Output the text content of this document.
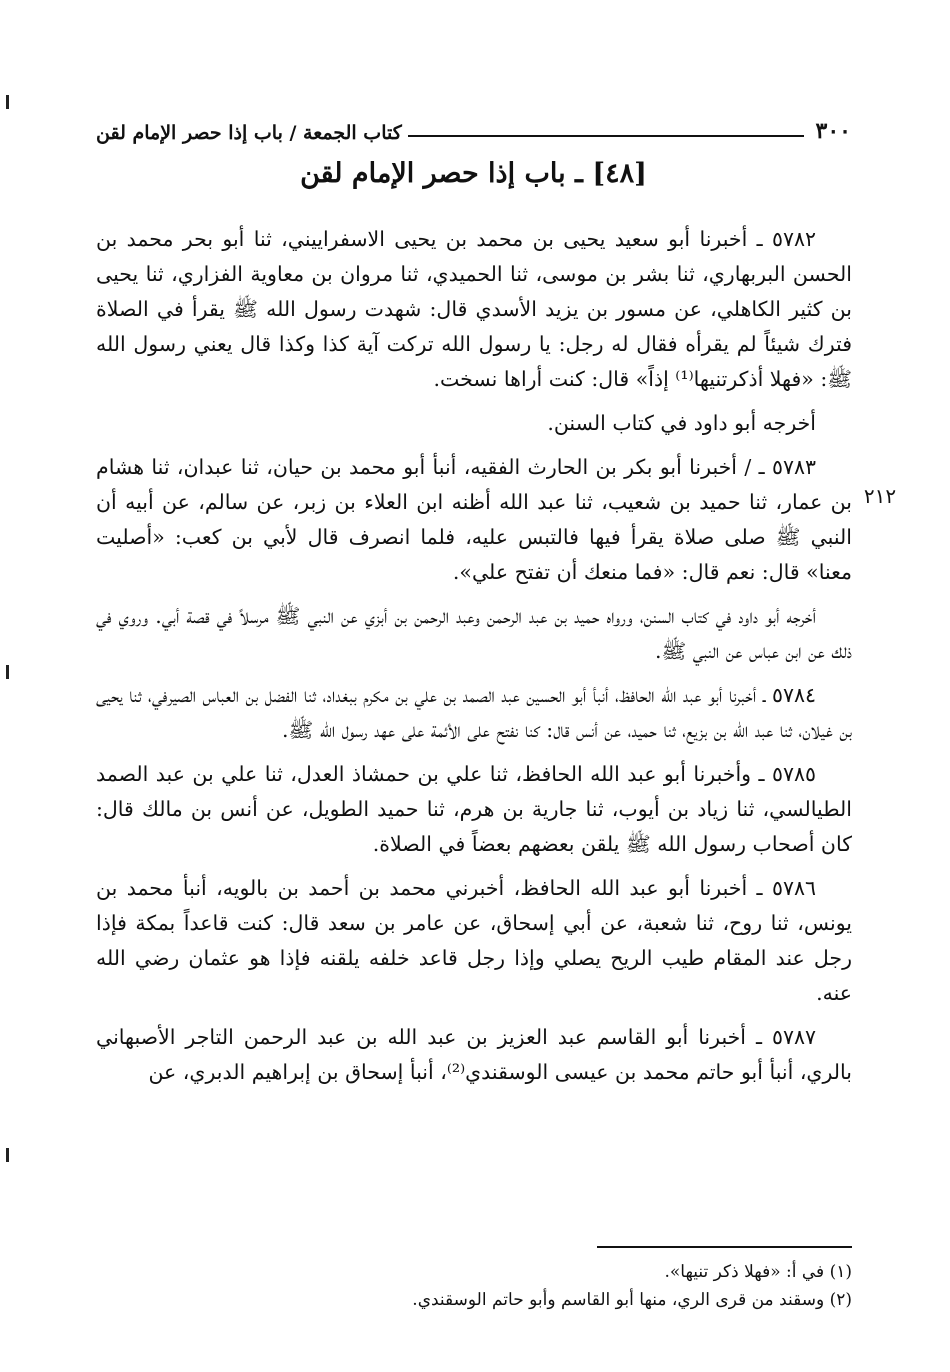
٣٠٠
كتاب الجمعة / باب إذا حصر الإمام لقن
[٤٨] ـ باب إذا حصر الإمام لقن
٢١٢

٥٧٨٢ ـ أخبرنا أبو سعيد يحيى بن محمد بن يحيى الاسفراييني، ثنا أبو بحر محمد بن الحسن البربهاري، ثنا بشر بن موسى، ثنا الحميدي، ثنا مروان بن معاوية الفزاري، ثنا يحيى بن كثير الكاهلي، عن مسور بن يزيد الأسدي قال: شهدت رسول الله ﷺ يقرأ في الصلاة فترك شيئاً لم يقرأه فقال له رجل: يا رسول الله تركت آية كذا وكذا قال يعني رسول الله ﷺ: «فهلا أذكرتنيها⁽¹⁾ إذاً» قال: كنت أراها نسخت.

أخرجه أبو داود في كتاب السنن.

٥٧٨٣ ـ / أخبرنا أبو بكر بن الحارث الفقيه، أنبأ أبو محمد بن حيان، ثنا عبدان، ثنا هشام بن عمار، ثنا حميد بن شعيب، ثنا عبد الله أظنه ابن العلاء بن زبر، عن سالم، عن أبيه أن النبي ﷺ صلى صلاة يقرأ فيها فالتبس عليه، فلما انصرف قال لأبي بن كعب: «أصليت معنا» قال: نعم قال: «فما منعك أن تفتح علي».

أخرجه أبو داود في كتاب السنن، ورواه حميد بن عبد الرحمن وعبد الرحمن بن أبزي عن النبي ﷺ مرسلاً في قصة أبي. وروي في ذلك عن ابن عباس عن النبي ﷺ.

٥٧٨٤ ـ أخبرنا أبو عبد الله الحافظ، أنبأ أبو الحسين عبد الصمد بن علي بن مكرم ببغداد، ثنا الفضل بن العباس الصيرفي، ثنا يحيى بن غيلان، ثنا عبد الله بن بزيع، ثنا حميد، عن أنس قال: كنا نفتح على الأئمة على عهد رسول الله ﷺ.

٥٧٨٥ ـ وأخبرنا أبو عبد الله الحافظ، ثنا علي بن حمشاذ العدل، ثنا علي بن عبد الصمد الطيالسي، ثنا زياد بن أيوب، ثنا جارية بن هرم، ثنا حميد الطويل، عن أنس بن مالك قال: كان أصحاب رسول الله ﷺ يلقن بعضهم بعضاً في الصلاة.

٥٧٨٦ ـ أخبرنا أبو عبد الله الحافظ، أخبرني محمد بن أحمد بن بالويه، أنبأ محمد بن يونس، ثنا روح، ثنا شعبة، عن أبي إسحاق، عن عامر بن سعد قال: كنت قاعداً بمكة فإذا رجل عند المقام طيب الريح يصلي وإذا رجل قاعد خلفه يلقنه فإذا هو عثمان رضي الله عنه.

٥٧٨٧ ـ أخبرنا أبو القاسم عبد العزيز بن عبد الله بن عبد الرحمن التاجر الأصبهاني بالري، أنبأ أبو حاتم محمد بن عيسى الوسقندي⁽²⁾، أنبأ إسحاق بن إبراهيم الدبري، عن

(١) في أ: «فهلا ذكر تنيها».

(٢) وسقند من قرى الري، منها أبو القاسم وأبو حاتم الوسقندي.
